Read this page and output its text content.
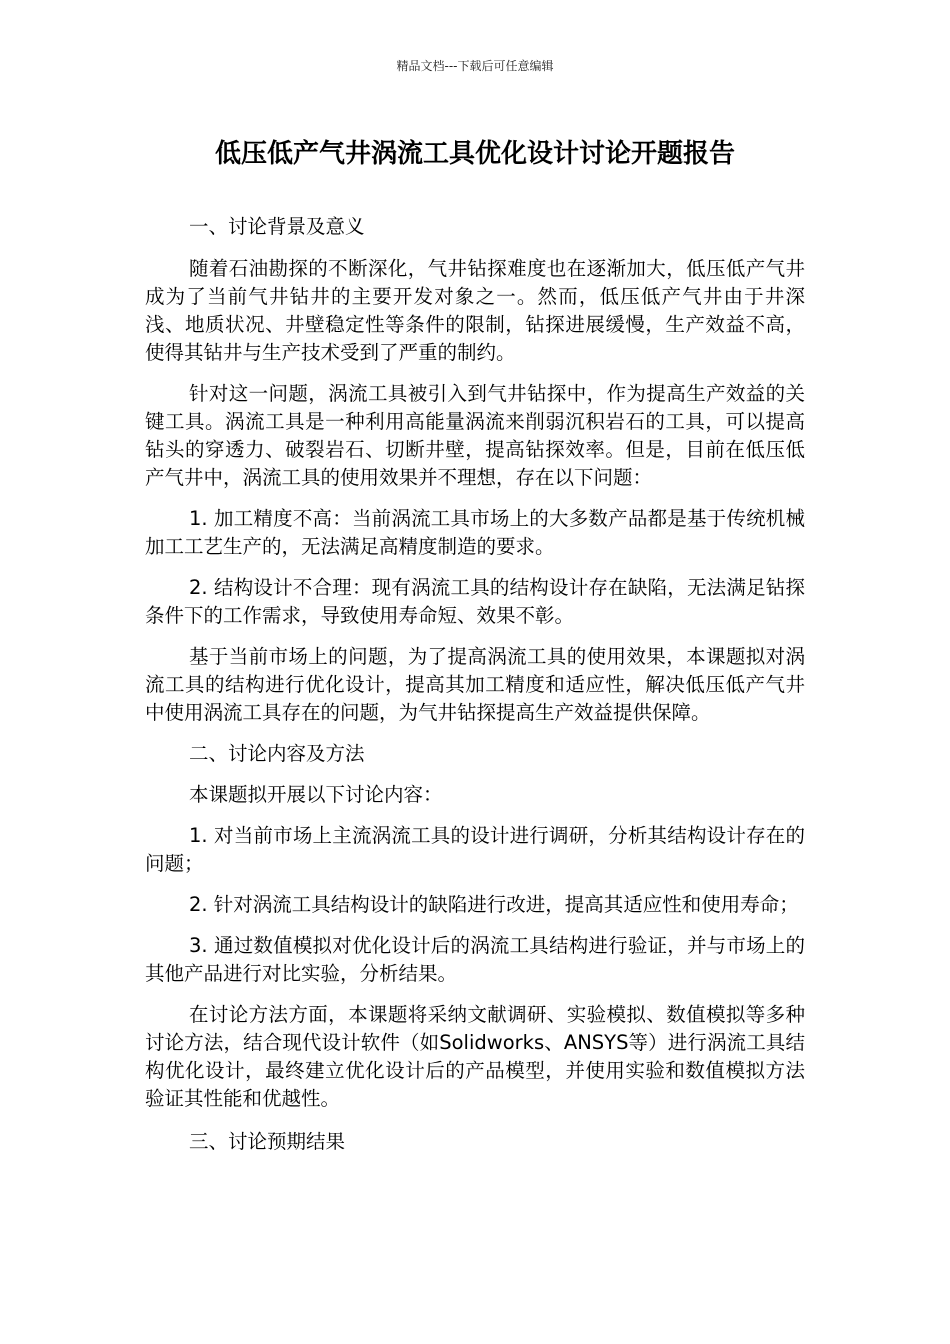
精品文档---下载后可任意编辑
低压低产气井涡流工具优化设计讨论开题报告

一、讨论背景及意义

随着石油勘探的不断深化，气井钻探难度也在逐渐加大，低压低产气井成为了当前气井钻井的主要开发对象之一。然而，低压低产气井由于井深浅、地质状况、井壁稳定性等条件的限制，钻探进展缓慢，生产效益不高，使得其钻井与生产技术受到了严重的制约。

针对这一问题，涡流工具被引入到气井钻探中，作为提高生产效益的关键工具。涡流工具是一种利用高能量涡流来削弱沉积岩石的工具，可以提高钻头的穿透力、破裂岩石、切断井壁，提高钻探效率。但是，目前在低压低产气井中，涡流工具的使用效果并不理想，存在以下问题：

1. 加工精度不高：当前涡流工具市场上的大多数产品都是基于传统机械加工工艺生产的，无法满足高精度制造的要求。

2. 结构设计不合理：现有涡流工具的结构设计存在缺陷，无法满足钻探条件下的工作需求，导致使用寿命短、效果不彰。

基于当前市场上的问题，为了提高涡流工具的使用效果，本课题拟对涡流工具的结构进行优化设计，提高其加工精度和适应性，解决低压低产气井中使用涡流工具存在的问题，为气井钻探提高生产效益提供保障。

二、讨论内容及方法

本课题拟开展以下讨论内容：

1. 对当前市场上主流涡流工具的设计进行调研，分析其结构设计存在的问题；

2. 针对涡流工具结构设计的缺陷进行改进，提高其适应性和使用寿命；

3. 通过数值模拟对优化设计后的涡流工具结构进行验证，并与市场上的其他产品进行对比实验，分析结果。

在讨论方法方面，本课题将采纳文献调研、实验模拟、数值模拟等多种讨论方法，结合现代设计软件（如Solidworks、ANSYS等）进行涡流工具结构优化设计，最终建立优化设计后的产品模型，并使用实验和数值模拟方法验证其性能和优越性。

三、讨论预期结果
